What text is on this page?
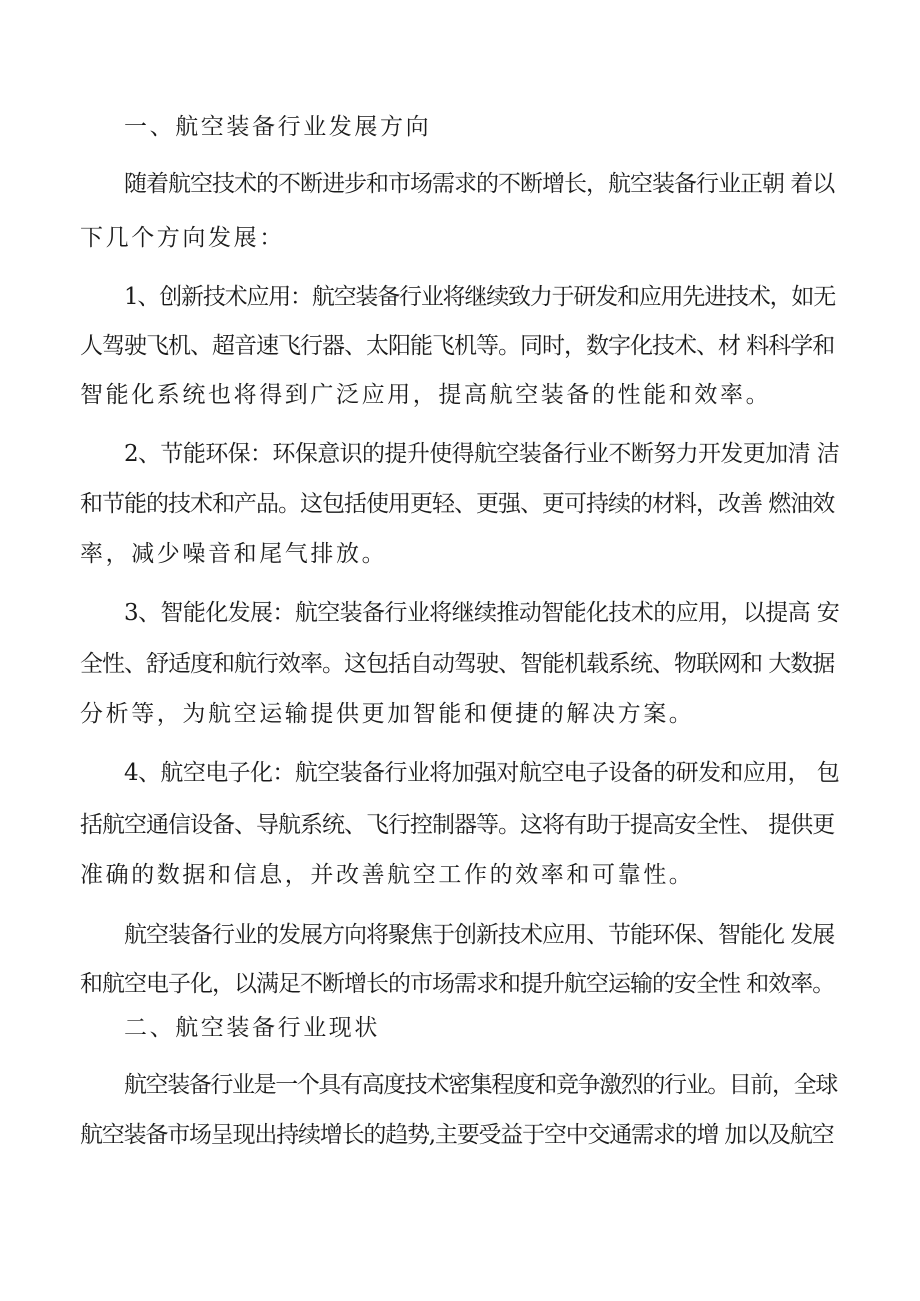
一、航空装备行业发展方向

随着航空技术的不断进步和市场需求的不断增长，航空装备行业正朝 着以

下几个方向发展：

1、创新技术应用：航空装备行业将继续致力于研发和应用先进技术，如无

人驾驶飞机、超音速飞行器、太阳能飞机等。同时，数字化技术、材 料科学和

智能化系统也将得到广泛应用，提高航空装备的性能和效率。

2、节能环保：环保意识的提升使得航空装备行业不断努力开发更加清 洁

和节能的技术和产品。这包括使用更轻、更强、更可持续的材料，改善 燃油效

率，减少噪音和尾气排放。

3、智能化发展：航空装备行业将继续推动智能化技术的应用，以提高 安

全性、舒适度和航行效率。这包括自动驾驶、智能机载系统、物联网和 大数据

分析等，为航空运输提供更加智能和便捷的解决方案。

4、航空电子化：航空装备行业将加强对航空电子设备的研发和应用， 包

括航空通信设备、导航系统、飞行控制器等。这将有助于提高安全性、 提供更

准确的数据和信息，并改善航空工作的效率和可靠性。

航空装备行业的发展方向将聚焦于创新技术应用、节能环保、智能化 发展

和航空电子化，以满足不断增长的市场需求和提升航空运输的安全性 和效率。

二、航空装备行业现状

航空装备行业是一个具有高度技术密集程度和竞争激烈的行业。目前，全球

航空装备市场呈现出持续增长的趋势,主要受益于空中交通需求的增 加以及航空
